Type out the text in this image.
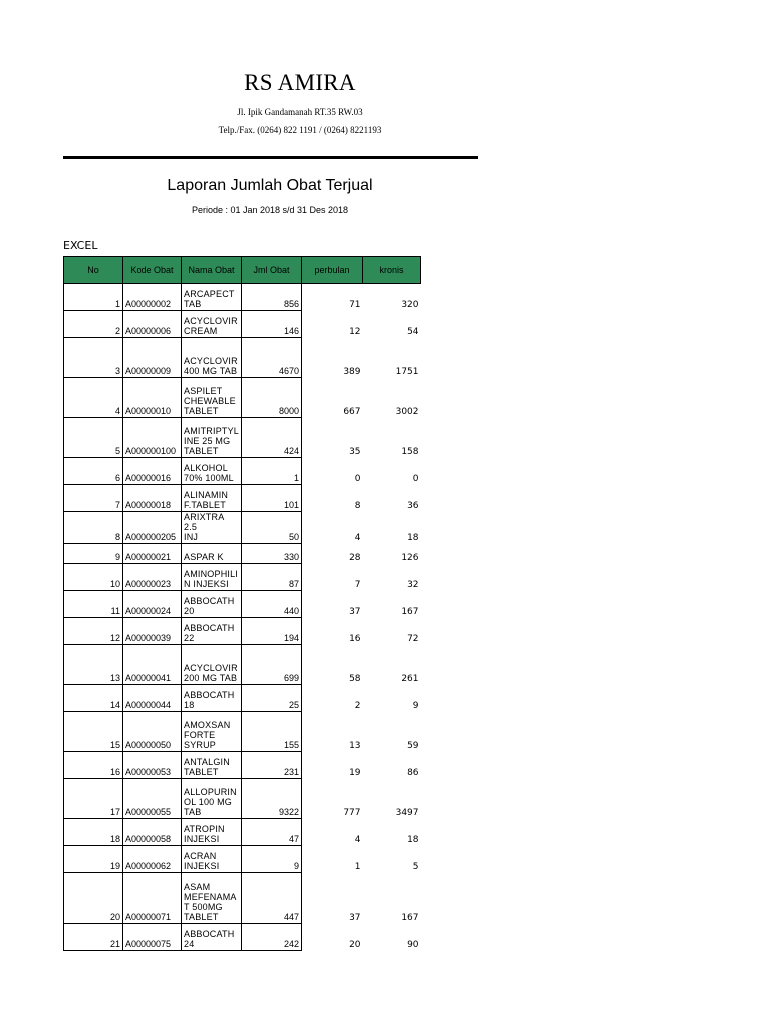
RS AMIRA
Jl. Ipik Gandamanah RT.35 RW.03
Telp./Fax. (0264) 822 1191 / (0264) 8221193
Laporan Jumlah Obat Terjual
Periode : 01 Jan 2018 s/d 31 Des 2018
EXCEL
No	Kode Obat	Nama Obat	Jml Obat	perbulan	kronis
1	A00000002	ARCAPECT
TAB	856	71	320
2	A00000006	ACYCLOVIR
CREAM	146	12	54
3	A00000009	ACYCLOVIR
400 MG TAB	4670	389	1751
4	A00000010	ASPILET
CHEWABLE
TABLET	8000	667	3002
5	A000000100	AMITRIPTYL
INE 25 MG
TABLET	424	35	158
6	A00000016	ALKOHOL
70% 100ML	1	0	0
7	A00000018	ALINAMIN
F.TABLET	101	8	36
8	A000000205	ARIXTRA 2.5
INJ	50	4	18
9	A00000021	ASPAR K	330	28	126
10	A00000023	AMINOPHILI
N INJEKSI	87	7	32
11	A00000024	ABBOCATH
20	440	37	167
12	A00000039	ABBOCATH
22	194	16	72
13	A00000041	ACYCLOVIR
200 MG TAB	699	58	261
14	A00000044	ABBOCATH
18	25	2	9
15	A00000050	AMOXSAN
FORTE
SYRUP	155	13	59
16	A00000053	ANTALGIN
TABLET	231	19	86
17	A00000055	ALLOPURIN
OL 100 MG
TAB	9322	777	3497
18	A00000058	ATROPIN
INJEKSI	47	4	18
19	A00000062	ACRAN
INJEKSI	9	1	5
20	A00000071	ASAM
MEFENAMA
T 500MG
TABLET	447	37	167
21	A00000075	ABBOCATH
24	242	20	90
